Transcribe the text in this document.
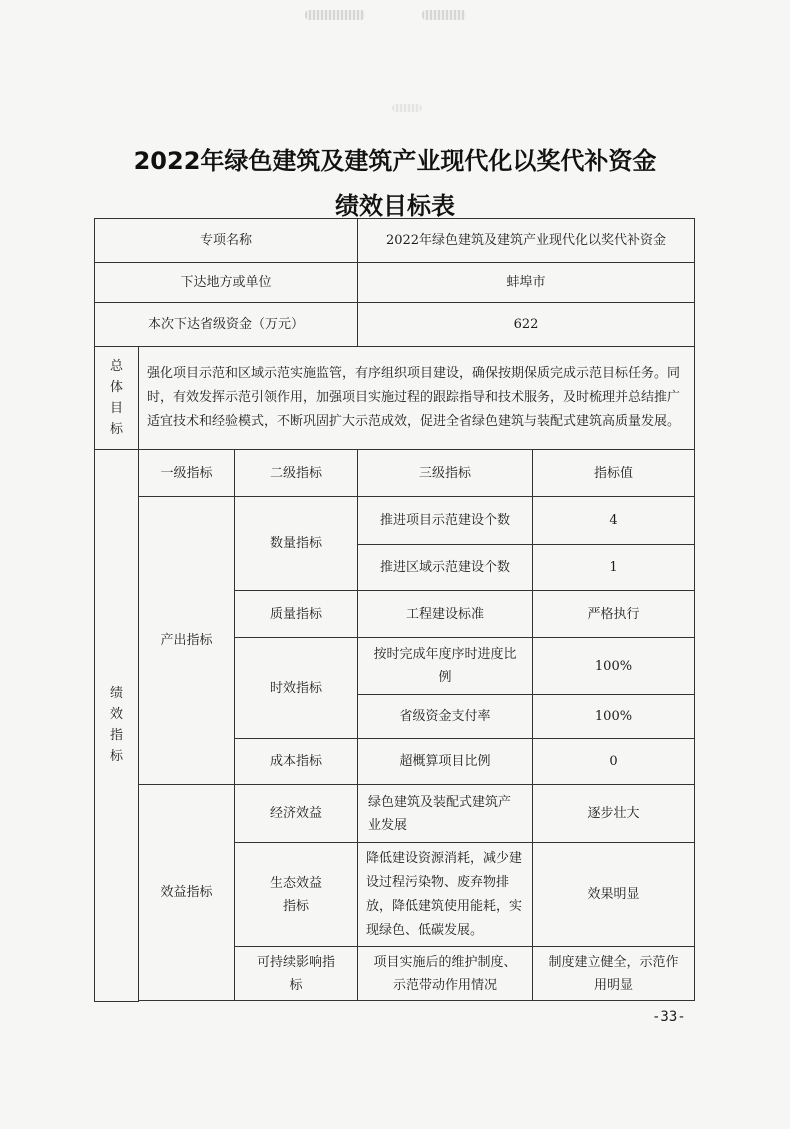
2022年绿色建筑及建筑产业现代化以奖代补资金
绩效目标表
专项名称			2022年绿色建筑及建筑产业现代化以奖代补资金	
下达地方或单位			蚌埠市	
本次下达省级资金（万元）			622	

总
体
目
标	强化项目示范和区域示范实施监管，有序组织项目建设，确保按期保质完成示范目标任务。同时，有效发挥示范引领作用，加强项目实施过程的跟踪指导和技术服务，及时梳理并总结推广适宜技术和经验模式，不断巩固扩大示范成效，促进全省绿色建筑与装配式建筑高质量发展。			

绩
效
指
标	一级指标	二级指标	三级指标	指标值
	产出指标	数量指标	推进项目示范建设个数	4
			推进区域示范建设个数	1
		质量指标	工程建设标准	严格执行
		时效指标	按时完成年度序时进度比例	100%
			省级资金支付率	100%
		成本指标	超概算项目比例	0
	效益指标	经济效益	绿色建筑及装配式建筑产业发展	逐步壮大
		生态效益指标	降低建设资源消耗，减少建设过程污染物、废弃物排放，降低建筑使用能耗，实现绿色、低碳发展。	效果明显
		可持续影响指标	项目实施后的维护制度、示范带动作用情况	制度建立健全，示范作用明显

-33-
